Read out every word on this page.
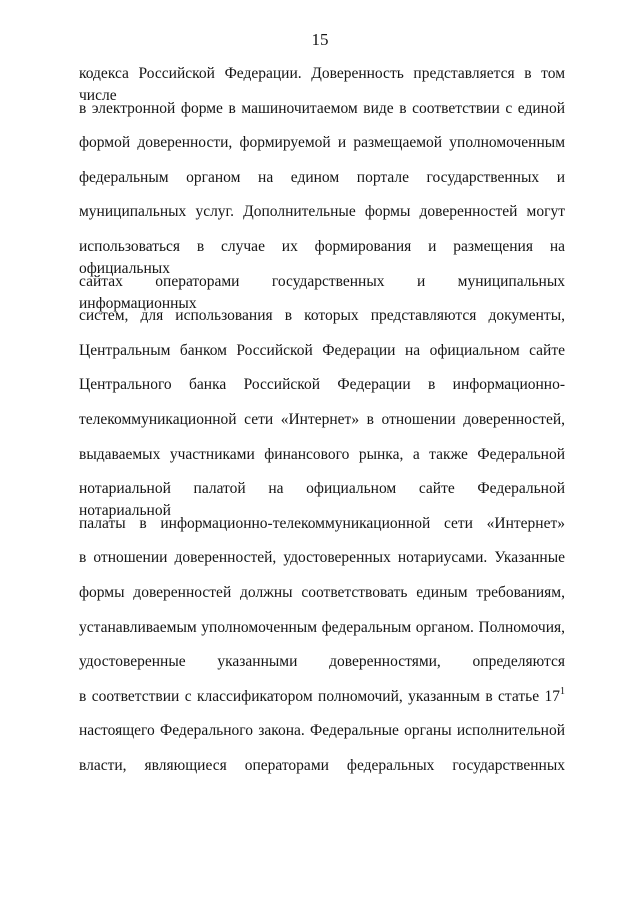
15
кодекса Российской Федерации. Доверенность представляется в том числе
в электронной форме в машиночитаемом виде в соответствии с единой
формой доверенности, формируемой и размещаемой уполномоченным
федеральным органом на едином портале государственных и
муниципальных услуг. Дополнительные формы доверенностей могут
использоваться в случае их формирования и размещения на официальных
сайтах операторами государственных и муниципальных информационных
систем, для использования в которых представляются документы,
Центральным банком Российской Федерации на официальном сайте
Центрального банка Российской Федерации в информационно-
телекоммуникационной сети «Интернет» в отношении доверенностей,
выдаваемых участниками финансового рынка, а также Федеральной
нотариальной палатой на официальном сайте Федеральной нотариальной
палаты в информационно-телекоммуникационной сети «Интернет»
в отношении доверенностей, удостоверенных нотариусами. Указанные
формы доверенностей должны соответствовать единым требованиям,
устанавливаемым уполномоченным федеральным органом. Полномочия,
удостоверенные указанными доверенностями, определяются
в соответствии с классификатором полномочий, указанным в статье $17^1$
настоящего Федерального закона. Федеральные органы исполнительной
власти, являющиеся операторами федеральных государственных
